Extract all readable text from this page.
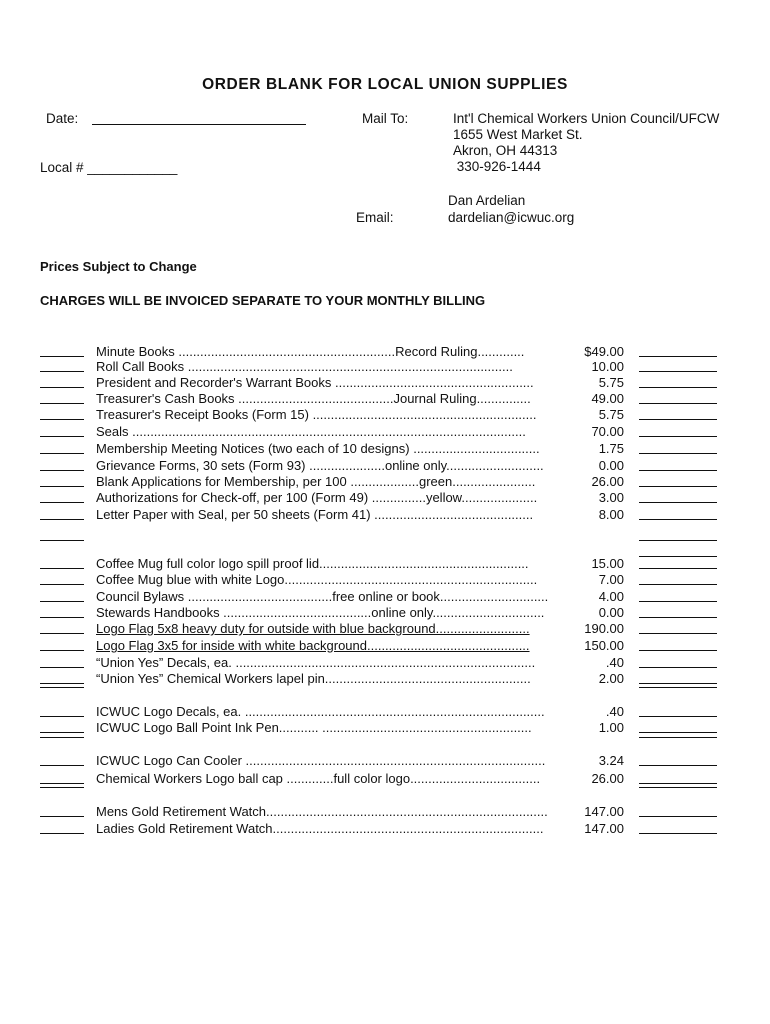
ORDER BLANK FOR LOCAL UNION SUPPLIES
Date:
Local # ____________
Mail To:	Int'l Chemical Workers Union Council/UFCW
1655 West Market St.
Akron, OH 44313
330-926-1444
Dan Ardelian
Email:	dardelian@icwuc.org
Prices Subject to Change
CHARGES WILL BE INVOICED SEPARATE TO YOUR MONTHLY BILLING
Minute Books ............................................................Record Ruling.............	$49.00
Roll Call Books ..........................................................................................	10.00
President and Recorder's Warrant Books .......................................................	5.75
Treasurer's Cash Books ...........................................Journal Ruling...............	49.00
Treasurer's Receipt Books (Form 15) ..............................................................	5.75
Seals .............................................................................................................	70.00
Membership Meeting Notices (two each of 10 designs) ...................................	1.75
Grievance Forms, 30 sets (Form 93) .....................online only...........................	0.00
Blank Applications for Membership, per 100 ...................green.......................	26.00
Authorizations for Check-off, per 100 (Form 49) ...............yellow.....................	3.00
Letter Paper with Seal, per 50 sheets (Form 41) ............................................	8.00
Coffee Mug full color logo spill proof lid..........................................................	15.00
Coffee Mug blue with white Logo......................................................................	7.00
Council Bylaws ........................................free online or book..............................	4.00
Stewards Handbooks .........................................online only...............................	0.00
Logo Flag 5x8 heavy duty for outside with blue background..........................	190.00
Logo Flag 3x5 for inside with white background.............................................	150.00
“Union Yes” Decals, ea. ...................................................................................	.40
“Union Yes” Chemical Workers lapel pin.........................................................	2.00
ICWUC Logo Decals, ea. ...................................................................................	.40
ICWUC Logo Ball Point Ink Pen........... ..........................................................	1.00
ICWUC Logo Can Cooler ...................................................................................	3.24
Chemical Workers Logo ball cap .............full color logo....................................	26.00
Mens Gold Retirement Watch..............................................................................	147.00
Ladies Gold Retirement Watch...........................................................................	147.00
